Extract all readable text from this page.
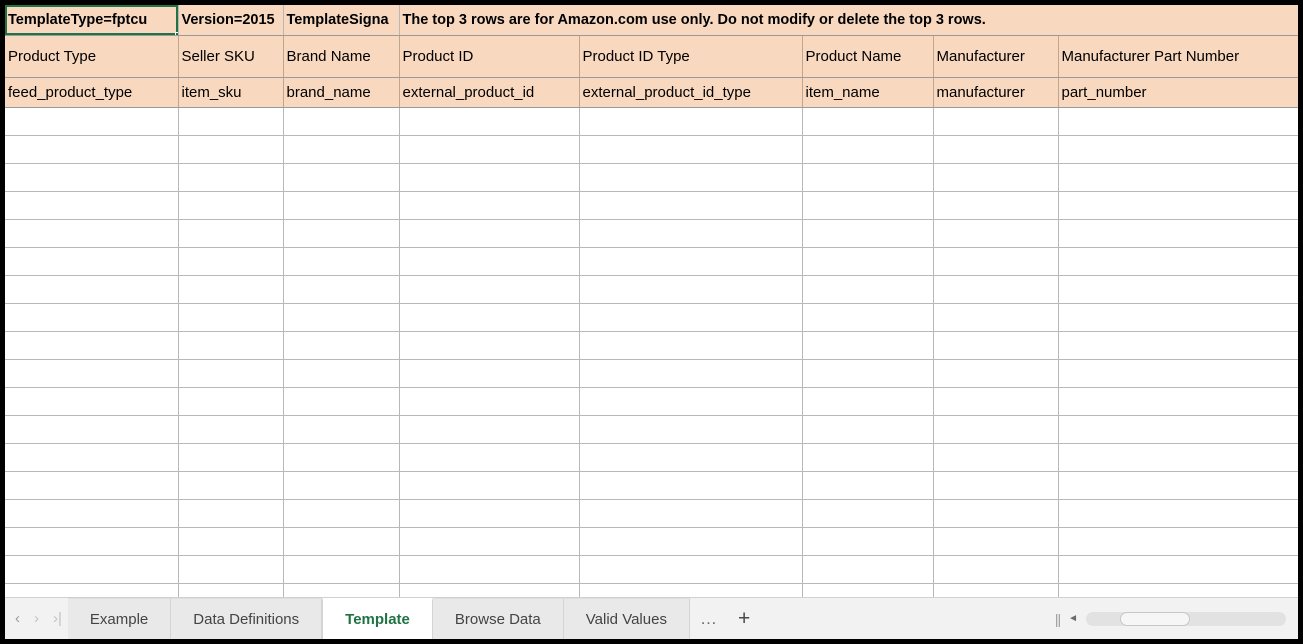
TemplateType=fptcu	Version=2015	TemplateSigna	The top 3 rows are for Amazon.com use only. Do not modify or delete the top 3 rows.				
Product Type	Seller SKU	Brand Name	Product ID	Product ID Type	Product Name	Manufacturer	Manufacturer Part Number
feed_product_type	item_sku	brand_name	external_product_id	external_product_id_type	item_name	manufacturer	part_number

‹ › ›| Example	Data Definitions	Template	Browse Data	Valid Values	… +	|| ◄
